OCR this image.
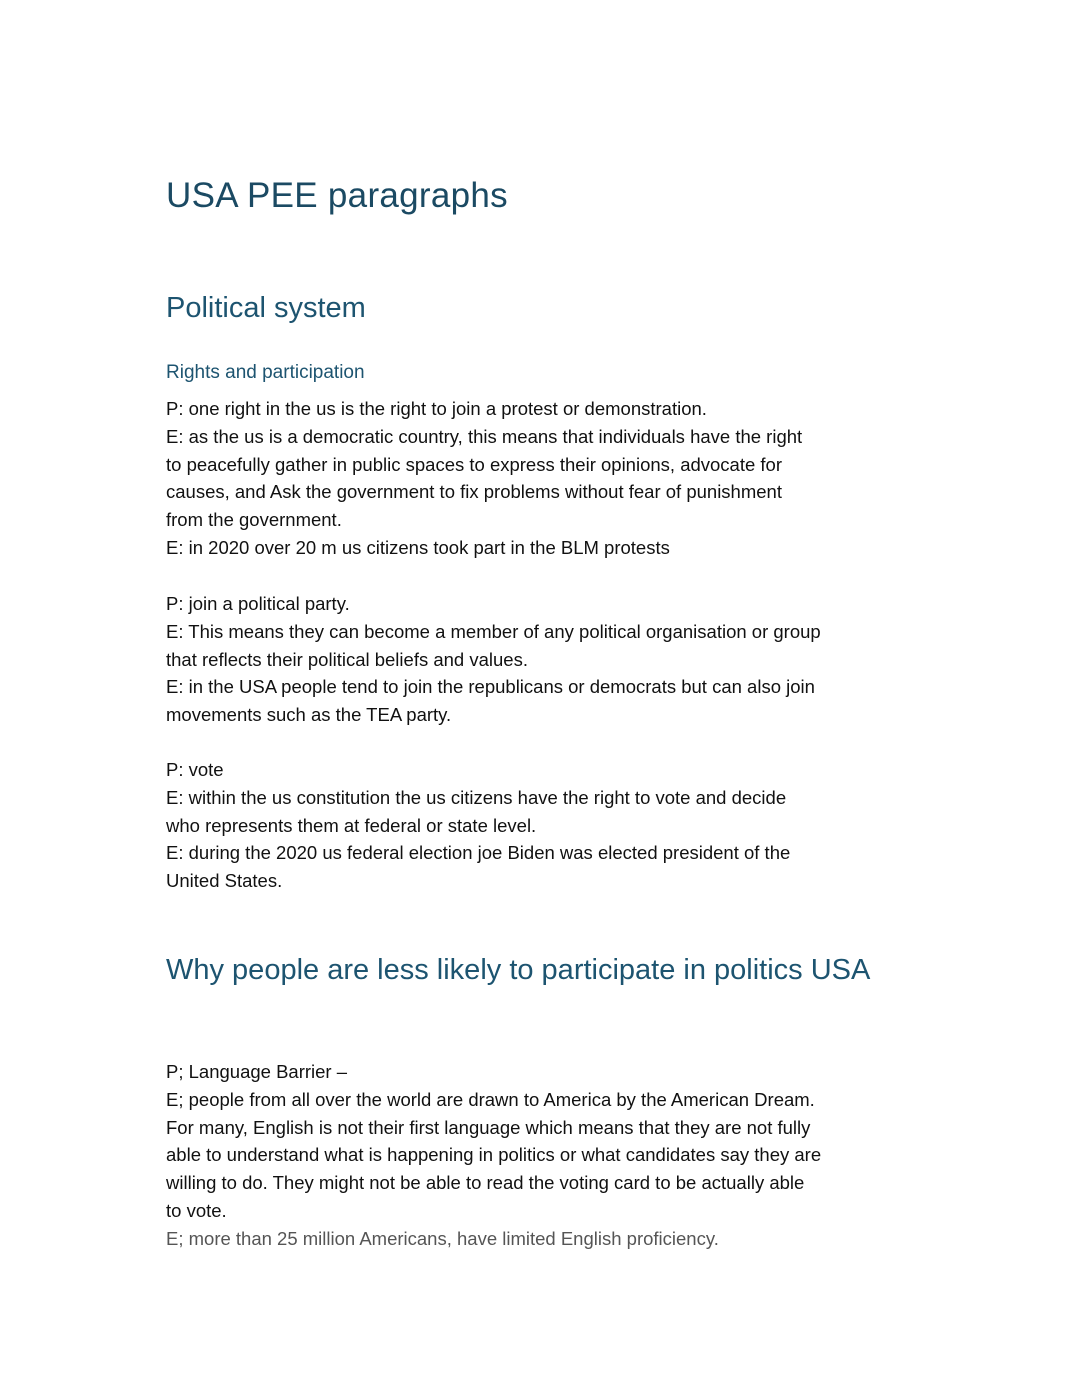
USA PEE paragraphs
Political system
Rights and participation
P: one right in the us is the right to join a protest or demonstration.
E: as the us is a democratic country, this means that individuals have the right
to peacefully gather in public spaces to express their opinions, advocate for
causes, and Ask the government to fix problems without fear of punishment
from the government.
E: in 2020 over 20 m us citizens took part in the BLM protests
P: join a political party.
E: This means they can become a member of any political organisation or group
that reflects their political beliefs and values.
E: in the USA people tend to join the republicans or democrats but can also join
movements such as the TEA party.
P: vote
E: within the us constitution the us citizens have the right to vote and decide
who represents them at federal or state level.
E: during the 2020 us federal election joe Biden was elected president of the
United States.
Why people are less likely to participate in politics USA
P; Language Barrier –
E; people from all over the world are drawn to America by the American Dream.
For many, English is not their first language which means that they are not fully
able to understand what is happening in politics or what candidates say they are
willing to do. They might not be able to read the voting card to be actually able
to vote.
E; more than 25 million Americans, have limited English proficiency.
